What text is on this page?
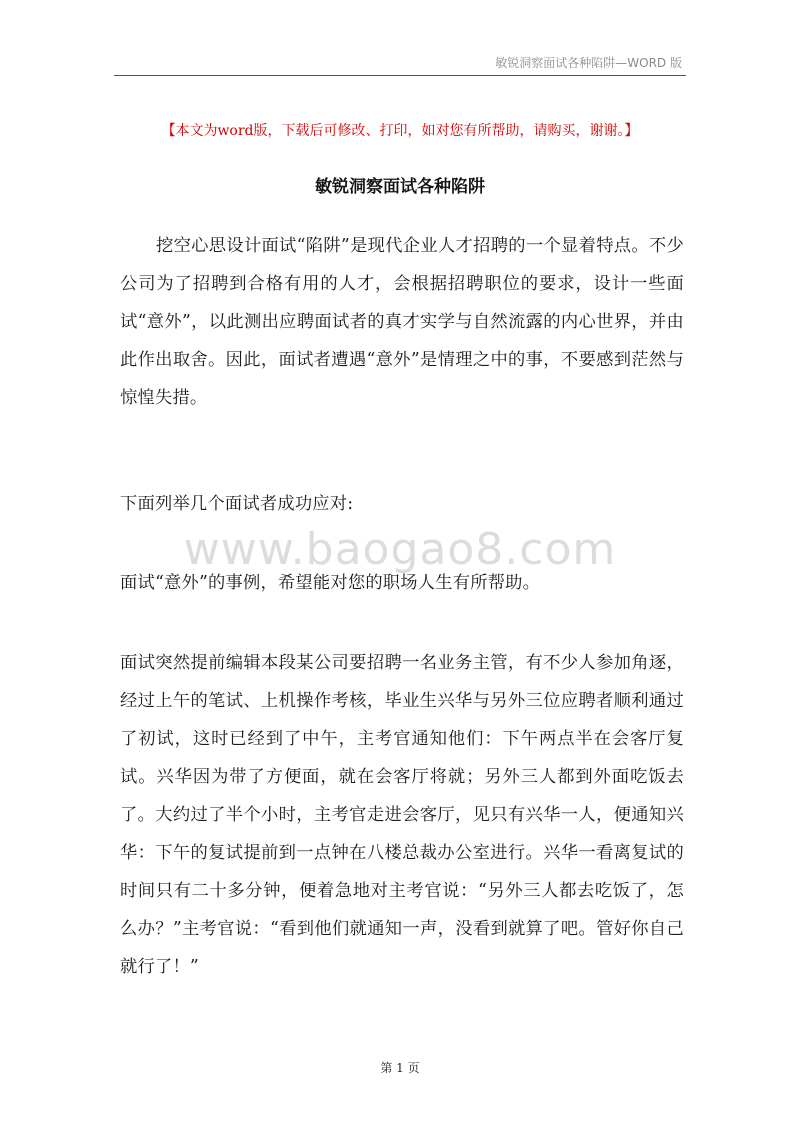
敏锐洞察面试各种陷阱—WORD 版
【本文为word版，下载后可修改、打印，如对您有所帮助，请购买，谢谢。】
敏锐洞察面试各种陷阱

挖空心思设计面试“陷阱”是现代企业人才招聘的一个显着特点。不少公司为了招聘到合格有用的人才，会根据招聘职位的要求，设计一些面试“意外”，以此测出应聘面试者的真才实学与自然流露的内心世界，并由此作出取舍。因此，面试者遭遇“意外”是情理之中的事，不要感到茫然与惊惶失措。

下面列举几个面试者成功应对:

www.baogao8.com

面试“意外”的事例，希望能对您的职场人生有所帮助。

面试突然提前编辑本段某公司要招聘一名业务主管，有不少人参加角逐，经过上午的笔试、上机操作考核，毕业生兴华与另外三位应聘者顺利通过了初试，这时已经到了中午，主考官通知他们：下午两点半在会客厅复试。兴华因为带了方便面，就在会客厅将就；另外三人都到外面吃饭去了。大约过了半个小时，主考官走进会客厅，见只有兴华一人，便通知兴华：下午的复试提前到一点钟在八楼总裁办公室进行。兴华一看离复试的时间只有二十多分钟，便着急地对主考官说：“另外三人都去吃饭了，怎么办？”主考官说：“看到他们就通知一声，没看到就算了吧。管好你自己就行了！”

第 1 页
